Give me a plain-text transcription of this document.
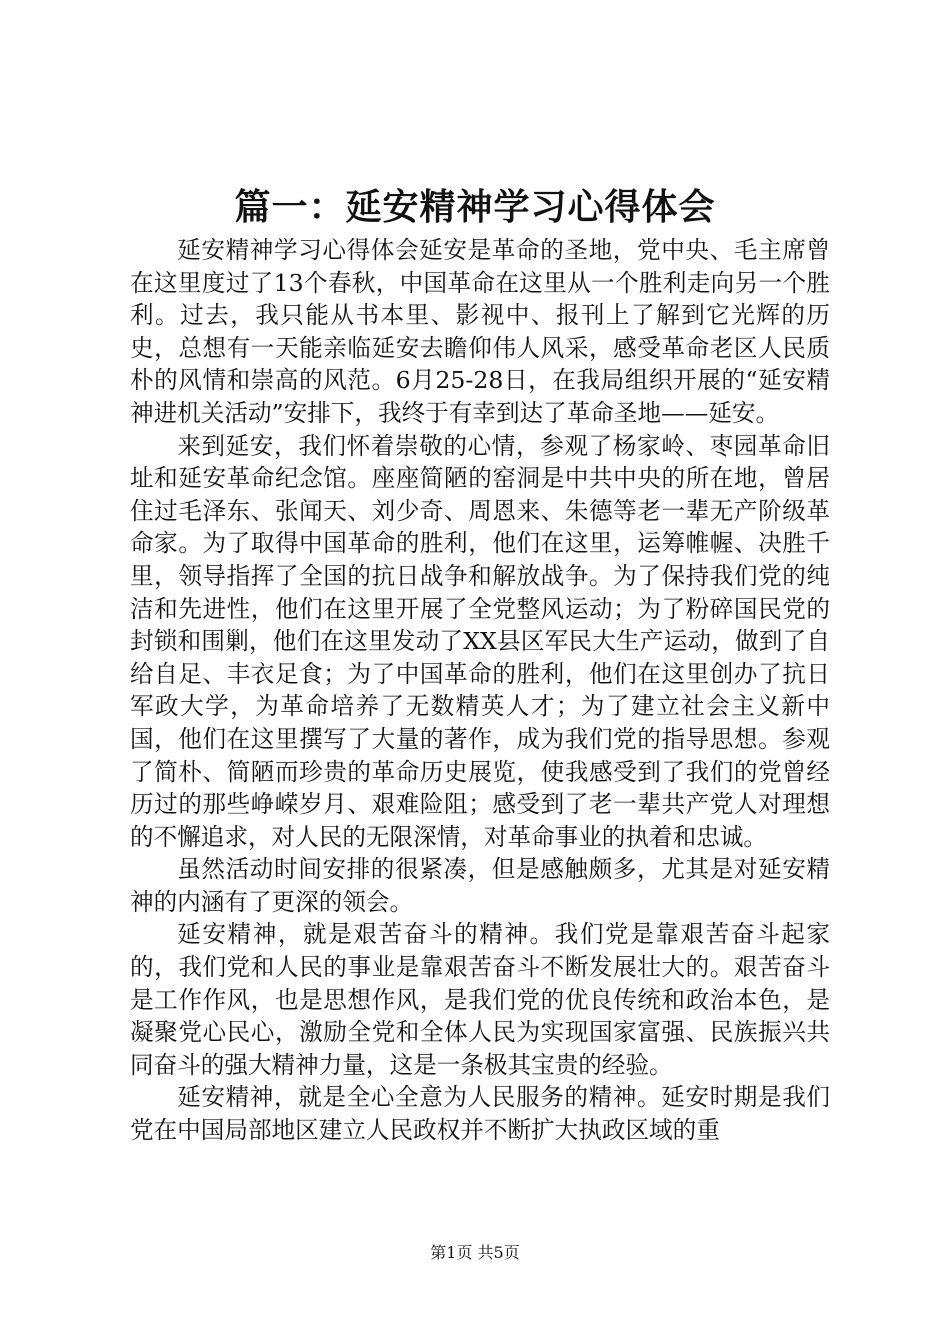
篇一：延安精神学习心得体会

延安精神学习心得体会延安是革命的圣地，党中央、毛主席曾在这里度过了13个春秋，中国革命在这里从一个胜利走向另一个胜利。过去，我只能从书本里、影视中、报刊上了解到它光辉的历史，总想有一天能亲临延安去瞻仰伟人风采，感受革命老区人民质朴的风情和崇高的风范。6月25-28日，在我局组织开展的“延安精神进机关活动”安排下，我终于有幸到达了革命圣地——延安。

来到延安，我们怀着崇敬的心情，参观了杨家岭、枣园革命旧址和延安革命纪念馆。座座简陋的窑洞是中共中央的所在地，曾居住过毛泽东、张闻天、刘少奇、周恩来、朱德等老一辈无产阶级革命家。为了取得中国革命的胜利，他们在这里，运筹帷幄、决胜千里，领导指挥了全国的抗日战争和解放战争。为了保持我们党的纯洁和先进性，他们在这里开展了全党整风运动；为了粉碎国民党的封锁和围剿，他们在这里发动了XX县区军民大生产运动，做到了自给自足、丰衣足食；为了中国革命的胜利，他们在这里创办了抗日军政大学，为革命培养了无数精英人才；为了建立社会主义新中国，他们在这里撰写了大量的著作，成为我们党的指导思想。参观了简朴、简陋而珍贵的革命历史展览，使我感受到了我们的党曾经历过的那些峥嵘岁月、艰难险阻；感受到了老一辈共产党人对理想的不懈追求，对人民的无限深情，对革命事业的执着和忠诚。

虽然活动时间安排的很紧凑，但是感触颇多，尤其是对延安精神的内涵有了更深的领会。

延安精神，就是艰苦奋斗的精神。我们党是靠艰苦奋斗起家的，我们党和人民的事业是靠艰苦奋斗不断发展壮大的。艰苦奋斗是工作作风，也是思想作风，是我们党的优良传统和政治本色，是凝聚党心民心，激励全党和全体人民为实现国家富强、民族振兴共同奋斗的强大精神力量，这是一条极其宝贵的经验。

延安精神，就是全心全意为人民服务的精神。延安时期是我们党在中国局部地区建立人民政权并不断扩大执政区域的重

第1页 共5页
